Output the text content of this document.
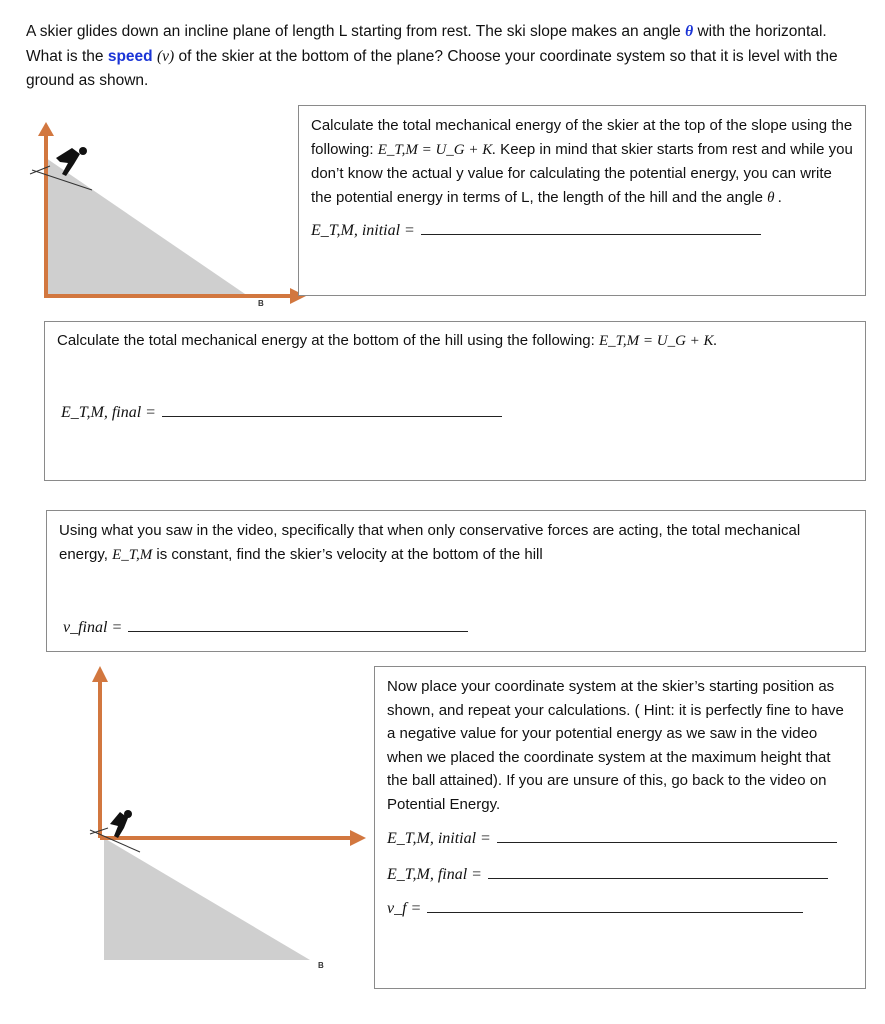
A skier glides down an incline plane of length L starting from rest. The ski slope makes an angle θ with the horizontal. What is the speed (v) of the skier at the bottom of the plane? Choose your coordinate system so that it is level with the ground as shown.
B

Calculate the total mechanical energy of the skier at the top of the slope using the following: E_T,M = U_G + K. Keep in mind that skier starts from rest and while you don’t know the actual y value for calculating the potential energy, you can write the potential energy in terms of L, the length of the hill and the angle θ .

E_T,M, initial =

Calculate the total mechanical energy at the bottom of the hill using the following: E_T,M = U_G + K.

E_T,M, final =

Using what you saw in the video, specifically that when only conservative forces are acting, the total mechanical energy, E_T,M is constant, find the skier’s velocity at the bottom of the hill

v_final =
B

Now place your coordinate system at the skier’s starting position as shown, and repeat your calculations. ( Hint: it is perfectly fine to have a negative value for your potential energy as we saw in the video when we placed the coordinate system at the maximum height that the ball attained). If you are unsure of this, go back to the video on Potential Energy.

E_T,M, initial =
E_T,M, final =
v_f =
